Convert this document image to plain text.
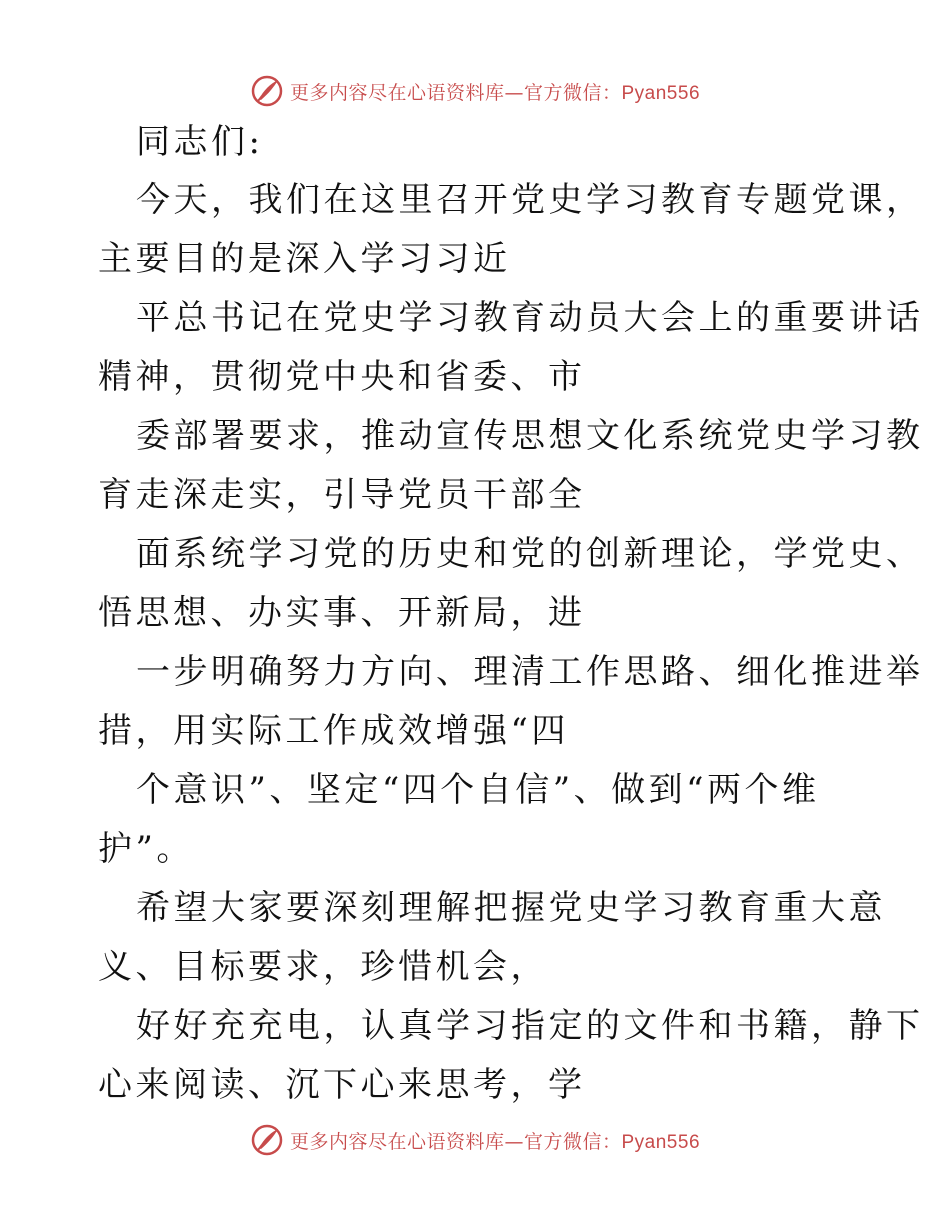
更多内容尽在心语资料库—官方微信：Pyan556
同志们:
今天，我们在这里召开党史学习教育专题党课，
主要目的是深入学习习近
平总书记在党史学习教育动员大会上的重要讲话
精神，贯彻党中央和省委、市
委部署要求，推动宣传思想文化系统党史学习教
育走深走实，引导党员干部全
面系统学习党的历史和党的创新理论，学党史、
悟思想、办实事、开新局，进
一步明确努力方向、理清工作思路、细化推进举
措，用实际工作成效增强“四
个意识”、坚定“四个自信”、做到“两个维
护”。
希望大家要深刻理解把握党史学习教育重大意
义、目标要求，珍惜机会，
好好充充电，认真学习指定的文件和书籍，静下
心来阅读、沉下心来思考，学
更多内容尽在心语资料库—官方微信：Pyan556
